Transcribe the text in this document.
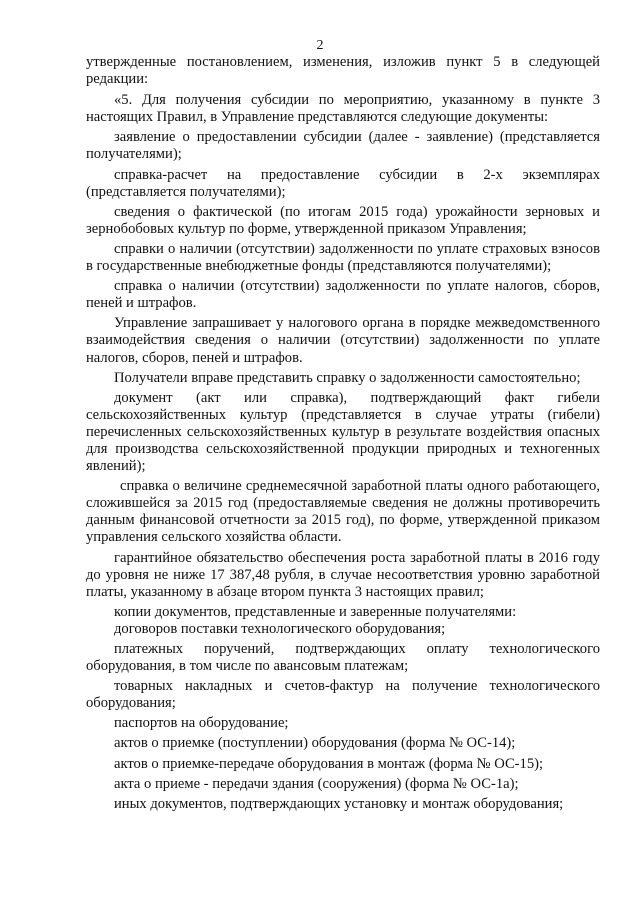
2

утвержденные постановлением, изменения, изложив пункт 5 в следующей редакции:

«5. Для получения субсидии по мероприятию, указанному в пункте 3 настоящих Правил, в Управление представляются следующие документы:

заявление о предоставлении субсидии (далее - заявление) (представляется получателями);

справка-расчет на предоставление субсидии в 2-х экземплярах (представляется получателями);

сведения о фактической (по итогам 2015 года) урожайности зерновых и зернобобовых культур по форме, утвержденной приказом Управления;

справки о наличии (отсутствии) задолженности по уплате страховых взносов в государственные внебюджетные фонды (представляются получателями);

справка о наличии (отсутствии) задолженности по уплате налогов, сборов, пеней и штрафов.

Управление запрашивает у налогового органа в порядке межведомственного взаимодействия сведения о наличии (отсутствии) задолженности по уплате налогов, сборов, пеней и штрафов.

Получатели вправе представить справку о задолженности самостоятельно;

документ (акт или справка), подтверждающий факт гибели сельскохозяйственных культур (представляется в случае утраты (гибели) перечисленных сельскохозяйственных культур в результате воздействия опасных для производства сельскохозяйственной продукции природных и техногенных явлений);

справка о величине среднемесячной заработной платы одного работающего, сложившейся за 2015 год (предоставляемые сведения не должны противоречить данным финансовой отчетности за 2015 год), по форме, утвержденной приказом управления сельского хозяйства области.

гарантийное обязательство обеспечения роста заработной платы в 2016 году до уровня не ниже 17 387,48 рубля, в случае несоответствия уровню заработной платы, указанному в абзаце втором пункта 3 настоящих правил;

копии документов, представленные и заверенные получателями:

договоров поставки технологического оборудования;

платежных поручений, подтверждающих оплату технологического оборудования, в том числе по авансовым платежам;

товарных накладных и счетов-фактур на получение технологического оборудования;

паспортов на оборудование;

актов о приемке (поступлении) оборудования (форма № ОС-14);

актов о приемке-передаче оборудования в монтаж (форма № ОС-15);

акта о приеме - передачи здания (сооружения) (форма № ОС-1а);

иных документов, подтверждающих установку и монтаж оборудования;
